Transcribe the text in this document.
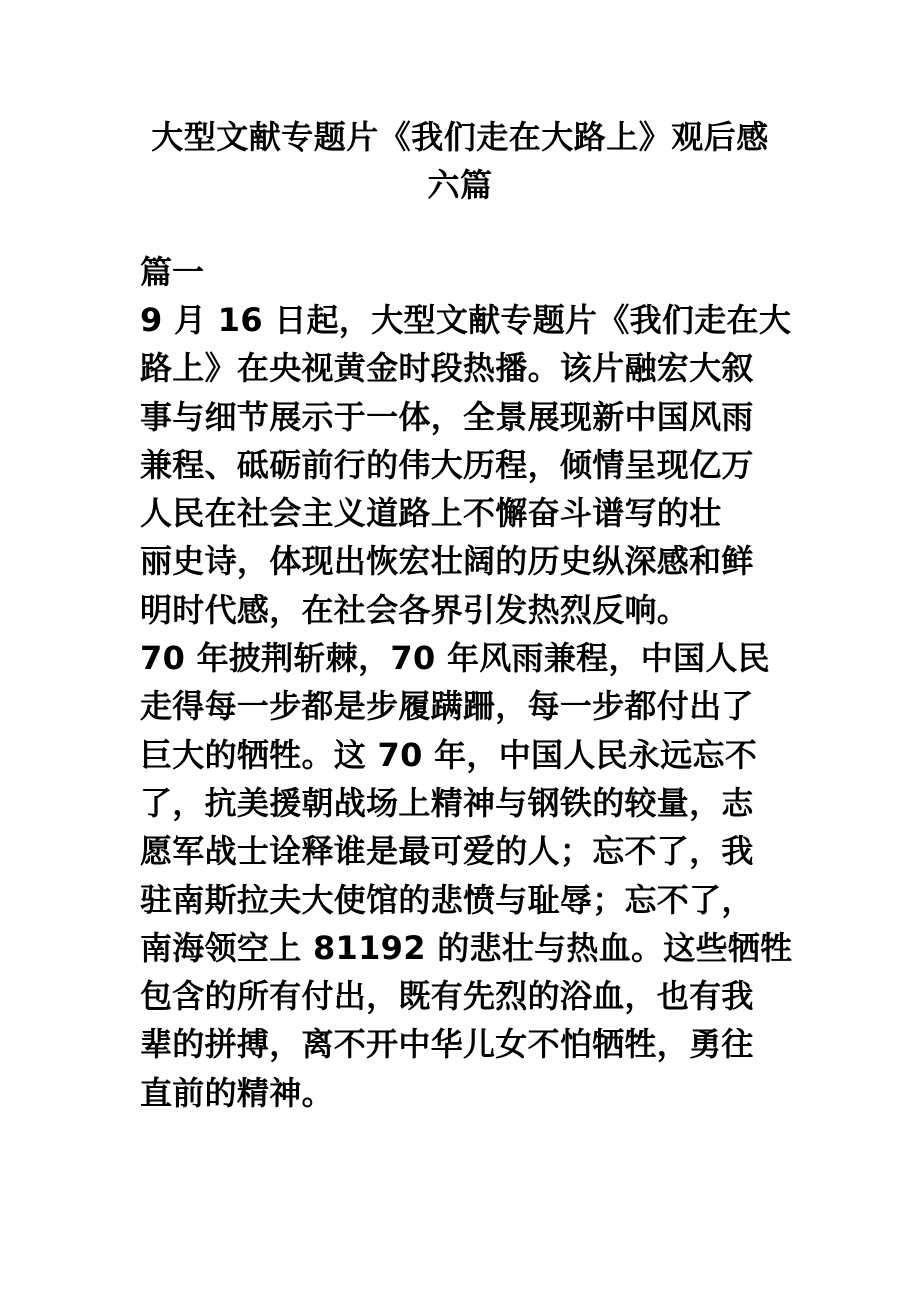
大型文献专题片《我们走在大路上》观后感
六篇
篇一
9 月 16 日起，大型文献专题片《我们走在大
路上》在央视黄金时段热播。该片融宏大叙
事与细节展示于一体，全景展现新中国风雨
兼程、砥砺前行的伟大历程，倾情呈现亿万
人民在社会主义道路上不懈奋斗谱写的壮
丽史诗，体现出恢宏壮阔的历史纵深感和鲜
明时代感，在社会各界引发热烈反响。
70 年披荆斩棘，70 年风雨兼程，中国人民
走得每一步都是步履蹒跚，每一步都付出了
巨大的牺牲。这 70 年，中国人民永远忘不
了，抗美援朝战场上精神与钢铁的较量，志
愿军战士诠释谁是最可爱的人；忘不了，我
驻南斯拉夫大使馆的悲愤与耻辱；忘不了，
南海领空上 81192 的悲壮与热血。这些牺牲
包含的所有付出，既有先烈的浴血，也有我
辈的拼搏，离不开中华儿女不怕牺牲，勇往
直前的精神。
